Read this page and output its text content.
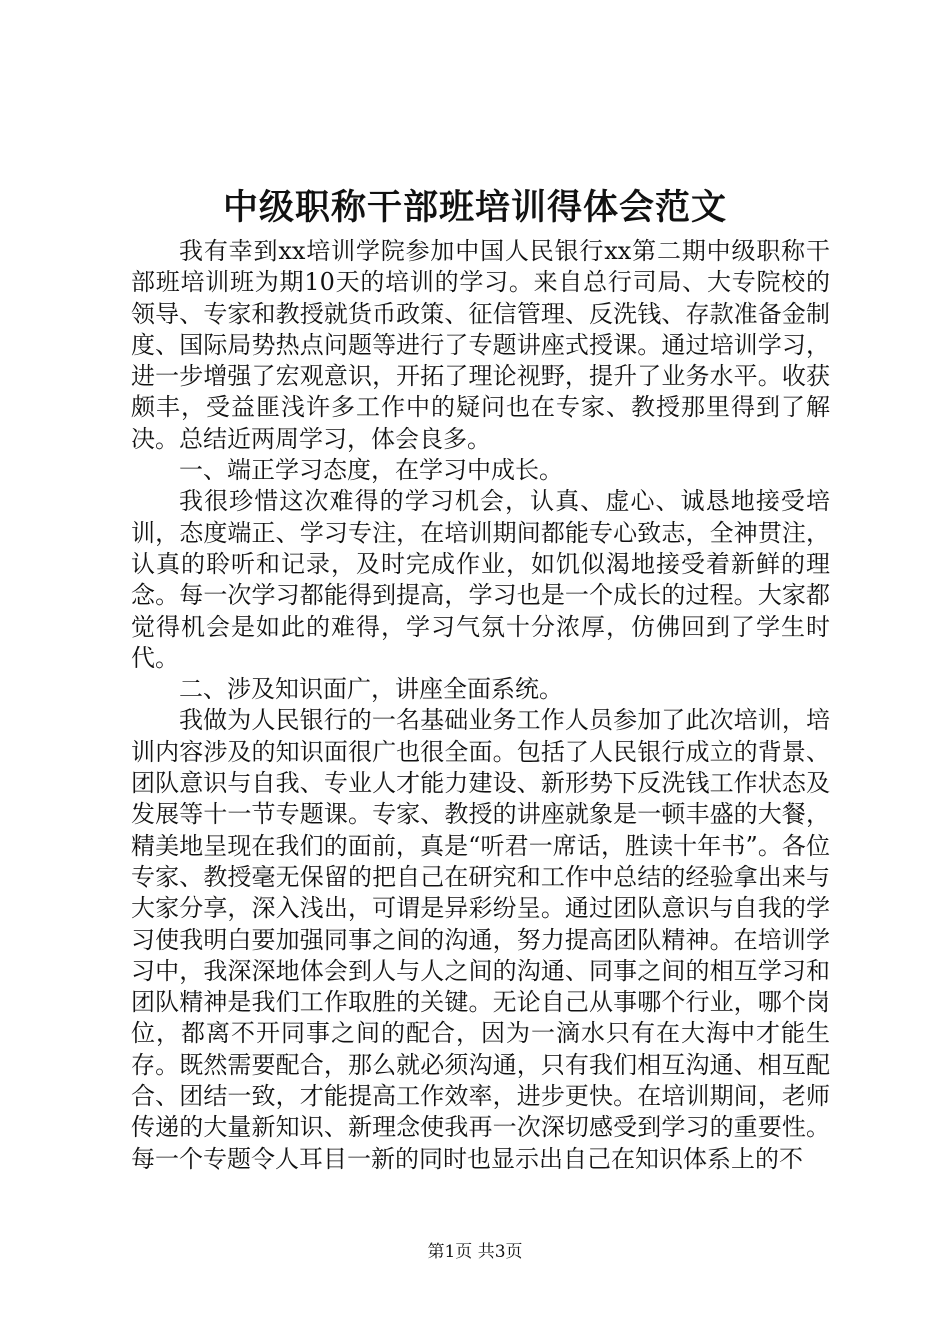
中级职称干部班培训得体会范文

我有幸到xx培训学院参加中国人民银行xx第二期中级职称干部班培训班为期10天的培训的学习。来自总行司局、大专院校的领导、专家和教授就货币政策、征信管理、反洗钱、存款准备金制度、国际局势热点问题等进行了专题讲座式授课。通过培训学习，进一步增强了宏观意识，开拓了理论视野，提升了业务水平。收获颇丰，受益匪浅许多工作中的疑问也在专家、教授那里得到了解决。总结近两周学习，体会良多。

一、端正学习态度，在学习中成长。

我很珍惜这次难得的学习机会，认真、虚心、诚恳地接受培训，态度端正、学习专注，在培训期间都能专心致志，全神贯注，认真的聆听和记录，及时完成作业，如饥似渴地接受着新鲜的理念。每一次学习都能得到提高，学习也是一个成长的过程。大家都觉得机会是如此的难得，学习气氛十分浓厚，仿佛回到了学生时代。

二、涉及知识面广，讲座全面系统。

我做为人民银行的一名基础业务工作人员参加了此次培训，培训内容涉及的知识面很广也很全面。包括了人民银行成立的背景、团队意识与自我、专业人才能力建设、新形势下反洗钱工作状态及发展等十一节专题课。专家、教授的讲座就象是一顿丰盛的大餐，精美地呈现在我们的面前，真是“听君一席话，胜读十年书”。各位专家、教授毫无保留的把自己在研究和工作中总结的经验拿出来与大家分享，深入浅出，可谓是异彩纷呈。通过团队意识与自我的学习使我明白要加强同事之间的沟通，努力提高团队精神。在培训学习中，我深深地体会到人与人之间的沟通、同事之间的相互学习和团队精神是我们工作取胜的关键。无论自己从事哪个行业，哪个岗位，都离不开同事之间的配合，因为一滴水只有在大海中才能生存。既然需要配合，那么就必须沟通，只有我们相互沟通、相互配合、团结一致，才能提高工作效率，进步更快。在培训期间，老师传递的大量新知识、新理念使我再一次深切感受到学习的重要性。每一个专题令人耳目一新的同时也显示出自己在知识体系上的不

第1页 共3页
